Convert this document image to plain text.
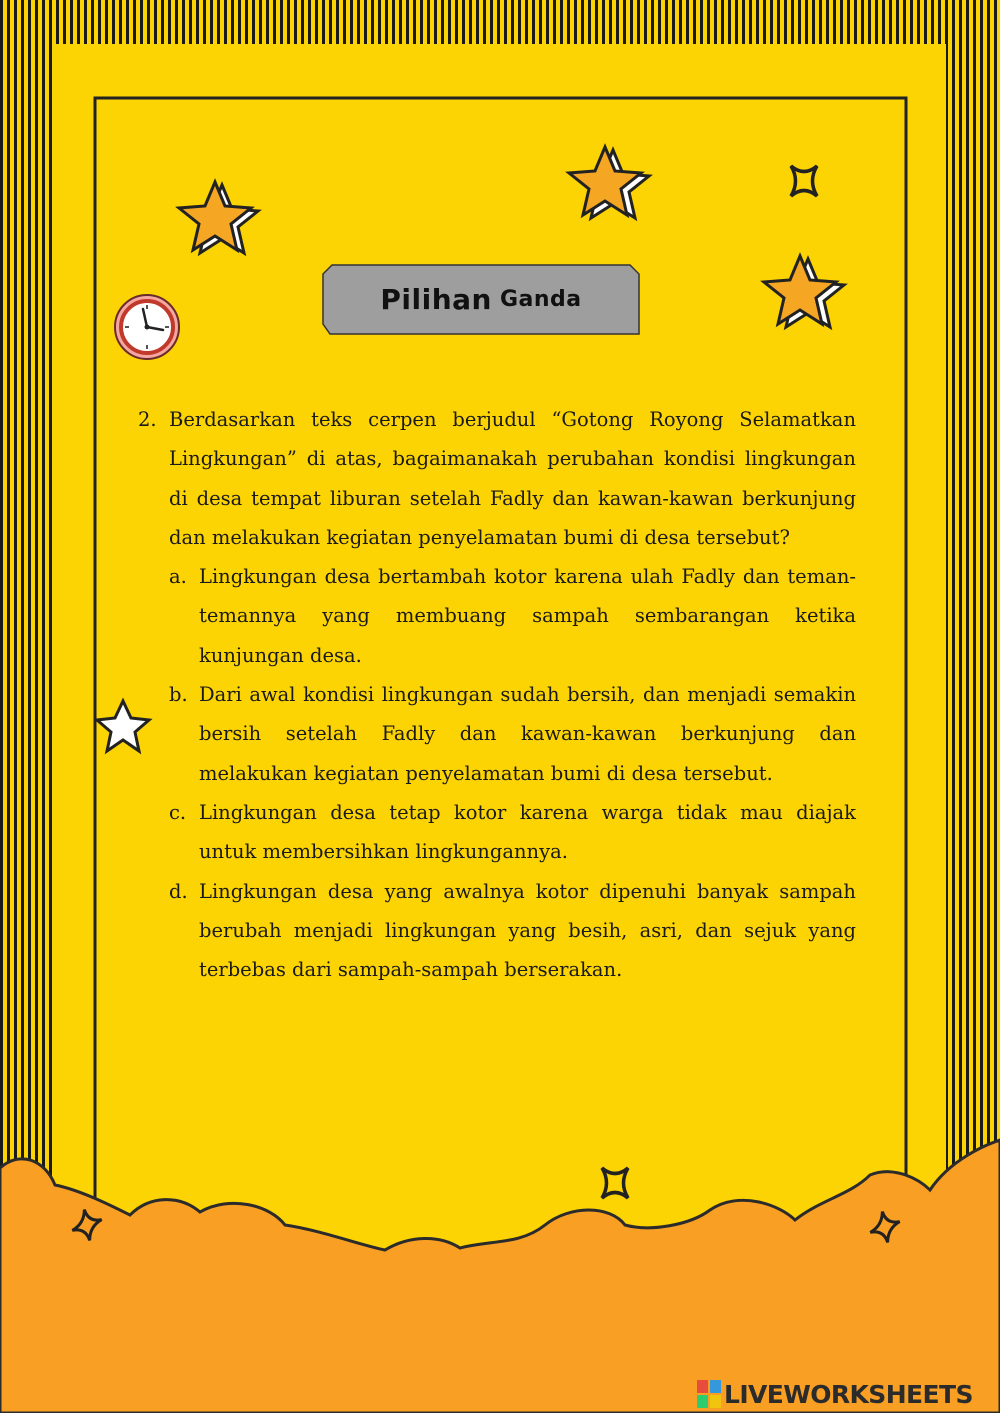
Pilihan Ganda
2. Berdasarkan teks cerpen berjudul “Gotong Royong Selamatkan Lingkungan” di atas, bagaimanakah perubahan kondisi lingkungan di desa tempat liburan setelah Fadly dan kawan-kawan berkunjung dan melakukan kegiatan penyelamatan bumi di desa tersebut?
a. Lingkungan desa bertambah kotor karena ulah Fadly dan teman-temannya yang membuang sampah sembarangan ketika kunjungan desa.
b. Dari awal kondisi lingkungan sudah bersih, dan menjadi semakin bersih setelah Fadly dan kawan-kawan berkunjung dan melakukan kegiatan penyelamatan bumi di desa tersebut.
c. Lingkungan desa tetap kotor karena warga tidak mau diajak untuk membersihkan lingkungannya.
d. Lingkungan desa yang awalnya kotor dipenuhi banyak sampah berubah menjadi lingkungan yang besih, asri, dan sejuk yang terbebas dari sampah-sampah berserakan.
LIVEWORKSHEETS
